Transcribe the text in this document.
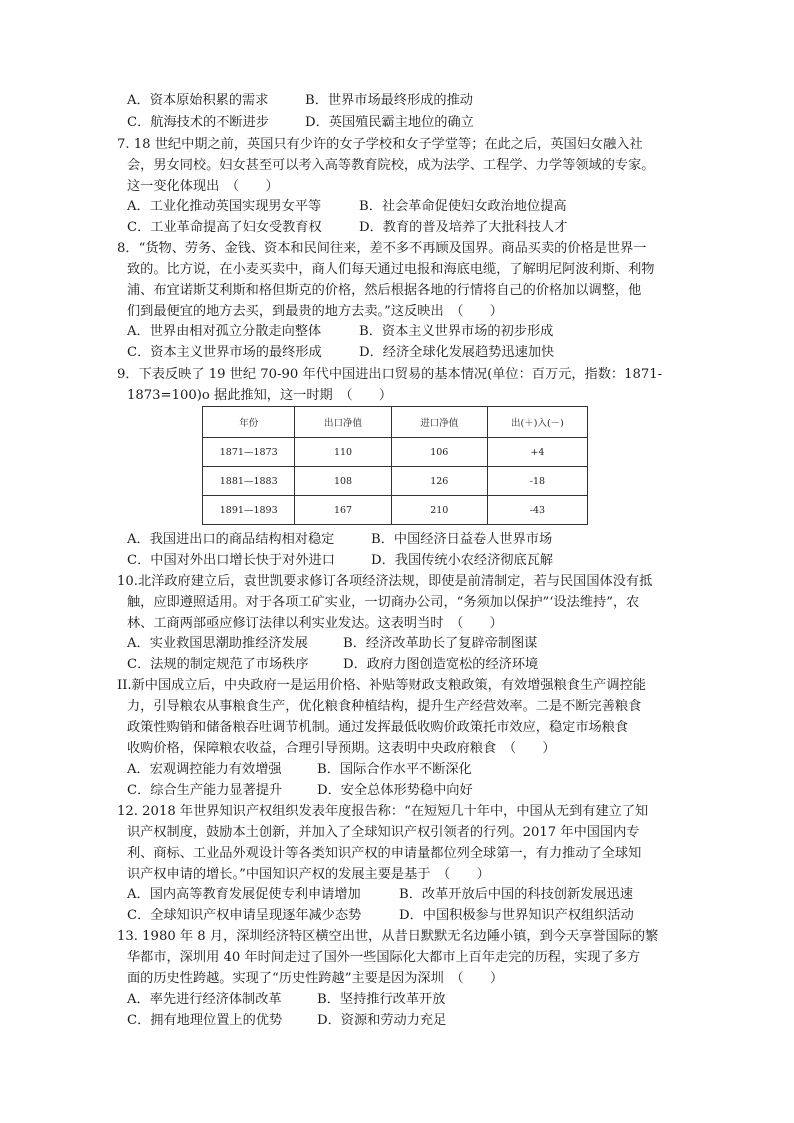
A．资本原始积累的需求	B．世界市场最终形成的推动
C．航海技术的不断进步	D．英国殖民霸主地位的确立
7. 18 世纪中期之前，英国只有少许的女子学校和女子学堂等；在此之后，英国妇女融入社
会，男女同校。妇女甚至可以考入高等教育院校，成为法学、工程学、力学等领域的专家。
这一变化体现出　（　　）
A．工业化推动英国实现男女平等	B．社会革命促使妇女政治地位提高
C．工业革命提高了妇女受教育权	D．教育的普及培养了大批科技人才
8．“货物、劳务、金钱、资本和民间往来，差不多不再顾及国界。商品买卖的价格是世界一
致的。比方说，在小麦买卖中，商人们每天通过电报和海底电缆，了解明尼阿波利斯、利物
浦、布宜诺斯艾利斯和格但斯克的价格，然后根据各地的行情将自己的价格加以调整，他
们到最便宜的地方去买，到最贵的地方去卖。”这反映出　（　　）
A．世界由相对孤立分散走向整体	B．资本主义世界市场的初步形成
C．资本主义世界市场的最终形成	D．经济全球化发展趋势迅速加快
9．下表反映了 19 世纪 70-90 年代中国进出口贸易的基本情况(单位：百万元，指数：1871-
1873=100)o 据此推知，这一时期　（　　）
年份	出口净值	进口净值	出(＋)入(－)
1871—1873	110	106	+4
1881—1883	108	126	-18
1891—1893	167	210	-43
A．我国进出口的商品结构相对稳定	B．中国经济日益卷人世界市场
C．中国对外出口增长快于对外进口	D．我国传统小农经济彻底瓦解
10.北洋政府建立后，袁世凯要求修订各项经济法规，即使是前清制定，若与民国国体没有抵
触，应即遵照适用。对于各项工矿实业，一切商办公司，“务须加以保护”‘设法维持”，农
林、工商两部亟应修订法律以利实业发达。这表明当时　（　　）
A．实业救国思潮助推经济发展	B．经济改革助长了复辟帝制图谋
C．法规的制定规范了市场秩序	D．政府力图创造宽松的经济环境
II.新中国成立后，中央政府一是运用价格、补贴等财政支粮政策，有效增强粮食生产调控能
力，引导粮农从事粮食生产，优化粮食种植结构，提升生产经营效率。二是不断完善粮食
政策性购销和储备粮吞吐调节机制。通过发挥最低收购价政策托市效应，稳定市场粮食
收购价格，保障粮农收益，合理引导预期。这表明中央政府粮食　（　　）
A．宏观调控能力有效增强	B．国际合作水平不断深化
C．综合生产能力显著提升	D．安全总体形势稳中向好
12. 2018 年世界知识产权组织发表年度报告称：“在短短几十年中，中国从无到有建立了知
识产权制度，鼓励本土创新，并加入了全球知识产权引领者的行列。2017 年中国国内专
利、商标、工业品外观设计等各类知识产权的申请量都位列全球第一，有力推动了全球知
识产权申请的增长。”中国知识产权的发展主要是基于　（　　）
A．国内高等教育发展促使专利申请增加	B．改革开放后中国的科技创新发展迅速
C．全球知识产权申请呈现逐年减少态势	D．中国积极参与世界知识产权组织活动
13. 1980 年 8 月，深圳经济特区横空出世，从昔日默默无名边陲小镇，到今天享誉国际的繁
华都市，深圳用 40 年时间走过了国外一些国际化大都市上百年走完的历程，实现了多方
面的历史性跨越。实现了“历史性跨越”主要是因为深圳　（　　）
A．率先进行经济体制改革	B．坚持推行改革开放
C．拥有地理位置上的优势	D．资源和劳动力充足
